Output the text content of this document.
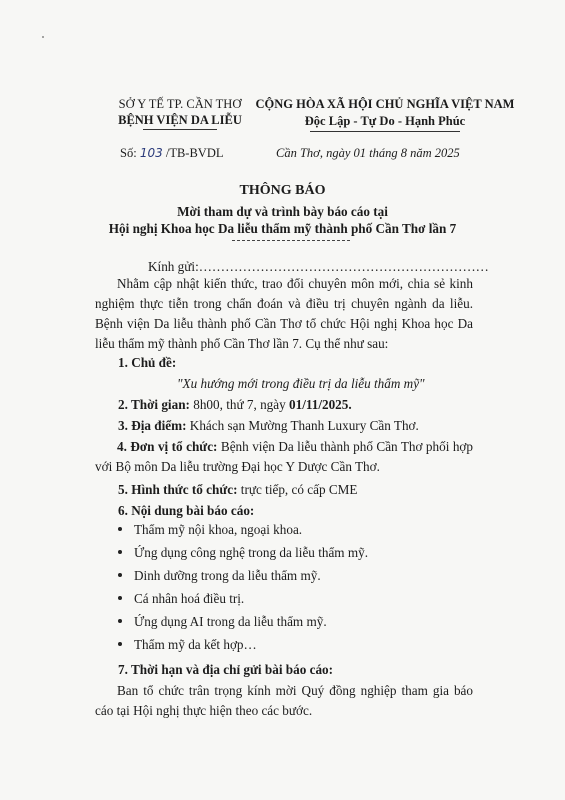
SỞ Y TẾ TP. CẦN THƠ
BỆNH VIỆN DA LIỄU
CỘNG HÒA XÃ HỘI CHỦ NGHĨA VIỆT NAM
Độc Lập - Tự Do - Hạnh Phúc
Số: 103 /TB-BVDL	Cần Thơ, ngày 01 tháng 8 năm 2025
THÔNG BÁO
Mời tham dự và trình bày báo cáo tại
Hội nghị Khoa học Da liễu thẩm mỹ thành phố Cần Thơ lần 7
Kính gửi:…………………………………………………………
Nhằm cập nhật kiến thức, trao đổi chuyên môn mới, chia sẻ kinh nghiệm thực tiễn trong chẩn đoán và điều trị chuyên ngành da liễu. Bệnh viện Da liễu thành phố Cần Thơ tổ chức Hội nghị Khoa học Da liễu thẩm mỹ thành phố Cần Thơ lần 7. Cụ thể như sau:
1. Chủ đề:
"Xu hướng mới trong điều trị da liễu thẩm mỹ"
2. Thời gian: 8h00, thứ 7, ngày 01/11/2025.
3. Địa điểm: Khách sạn Mường Thanh Luxury Cần Thơ.
4. Đơn vị tổ chức: Bệnh viện Da liễu thành phố Cần Thơ phối hợp với Bộ môn Da liễu trường Đại học Y Dược Cần Thơ.
5. Hình thức tổ chức: trực tiếp, có cấp CME
6. Nội dung bài báo cáo:
Thẩm mỹ nội khoa, ngoại khoa.
Ứng dụng công nghệ trong da liễu thẩm mỹ.
Dinh dưỡng trong da liễu thẩm mỹ.
Cá nhân hoá điều trị.
Ứng dụng AI trong da liễu thẩm mỹ.
Thẩm mỹ da kết hợp…
7. Thời hạn và địa chỉ gửi bài báo cáo:
Ban tổ chức trân trọng kính mời Quý đồng nghiệp tham gia báo cáo tại Hội nghị thực hiện theo các bước.
